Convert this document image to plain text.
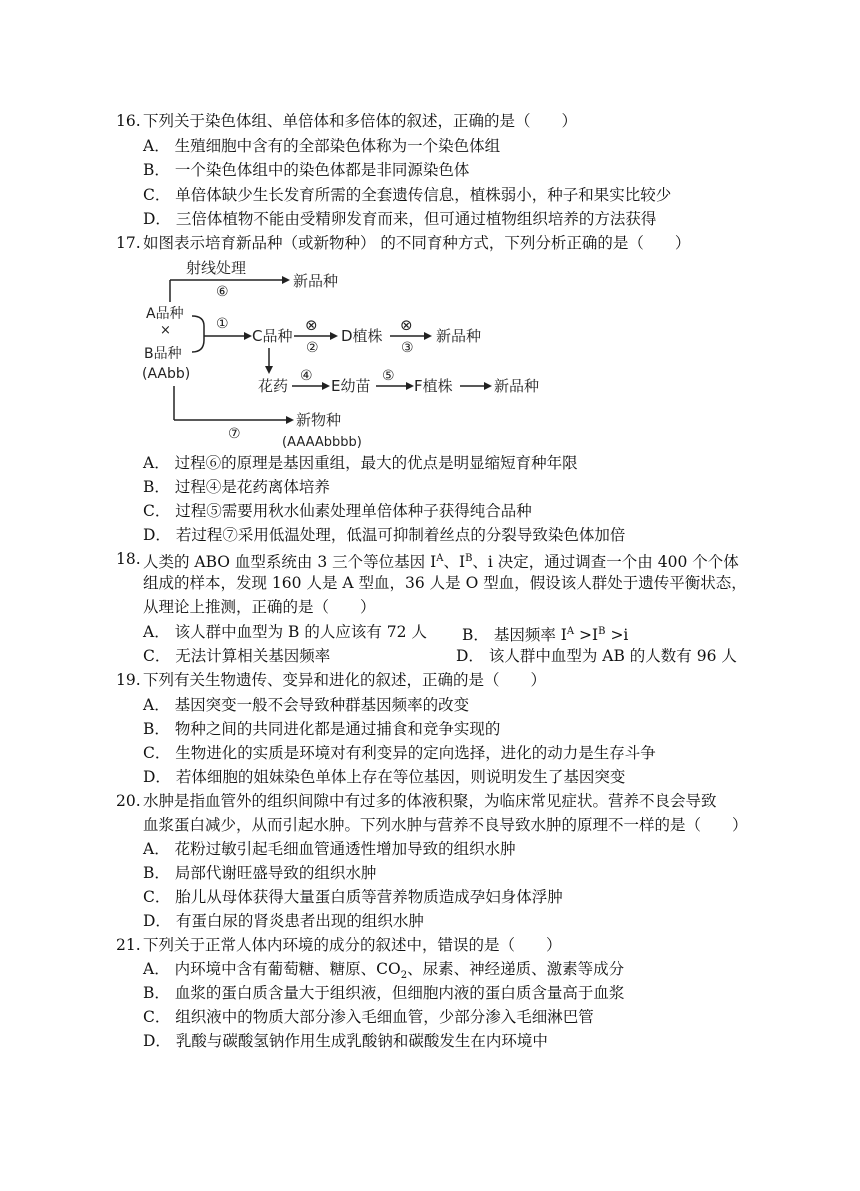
16. 下列关于染色体组、单倍体和多倍体的叙述，正确的是（　　）
A． 生殖细胞中含有的全部染色体称为一个染色体组
B． 一个染色体组中的染色体都是非同源染色体
C． 单倍体缺少生长发育所需的全套遗传信息，植株弱小，种子和果实比较少
D． 三倍体植物不能由受精卵发育而来，但可通过植物组织培养的方法获得
17. 如图表示培育新品种（或新物种） 的不同育种方式，下列分析正确的是（　　）
射线处理
⑥
新品种
A品种
×
B品种
(AAbb)
①
C品种
⊗
②
D植株
⊗
③
新品种
花药
④
E幼苗
⑤
F植株	新品种
⑦
新物种
(AAAAbbbb)
A． 过程⑥的原理是基因重组，最大的优点是明显缩短育种年限
B． 过程④是花药离体培养
C． 过程⑤需要用秋水仙素处理单倍体种子获得纯合品种
D． 若过程⑦采用低温处理，低温可抑制着丝点的分裂导致染色体加倍
18. 人类的 ABO 血型系统由 3 三个等位基因 $I^A$、$I^B$、i 决定，通过调查一个由 400 个个体
组成的样本，发现 160 人是 A 型血，36 人是 O 型血，假设该人群处于遗传平衡状态，
从理论上推测，正确的是（　　）
A． 该人群中血型为 B 的人应该有 72 人 B． 基因频率 $I^A >I^B >i$
C． 无法计算相关基因频率	D． 该人群中血型为 AB 的人数有 96 人
19. 下列有关生物遗传、变异和进化的叙述，正确的是（　　）
A． 基因突变一般不会导致种群基因频率的改变
B． 物种之间的共同进化都是通过捕食和竞争实现的
C． 生物进化的实质是环境对有利变异的定向选择，进化的动力是生存斗争
D． 若体细胞的姐妹染色单体上存在等位基因，则说明发生了基因突变
20. 水肿是指血管外的组织间隙中有过多的体液积聚，为临床常见症状。营养不良会导致
血浆蛋白减少，从而引起水肿。下列水肿与营养不良导致水肿的原理不一样的是（　　）
A． 花粉过敏引起毛细血管通透性增加导致的组织水肿
B． 局部代谢旺盛导致的组织水肿
C． 胎儿从母体获得大量蛋白质等营养物质造成孕妇身体浮肿
D． 有蛋白尿的肾炎患者出现的组织水肿
21. 下列关于正常人体内环境的成分的叙述中，错误的是（　　）
A． 内环境中含有葡萄糖、糖原、$CO_2$、尿素、神经递质、激素等成分
B． 血浆的蛋白质含量大于组织液，但细胞内液的蛋白质含量高于血浆
C． 组织液中的物质大部分渗入毛细血管，少部分渗入毛细淋巴管
D． 乳酸与碳酸氢钠作用生成乳酸钠和碳酸发生在内环境中
